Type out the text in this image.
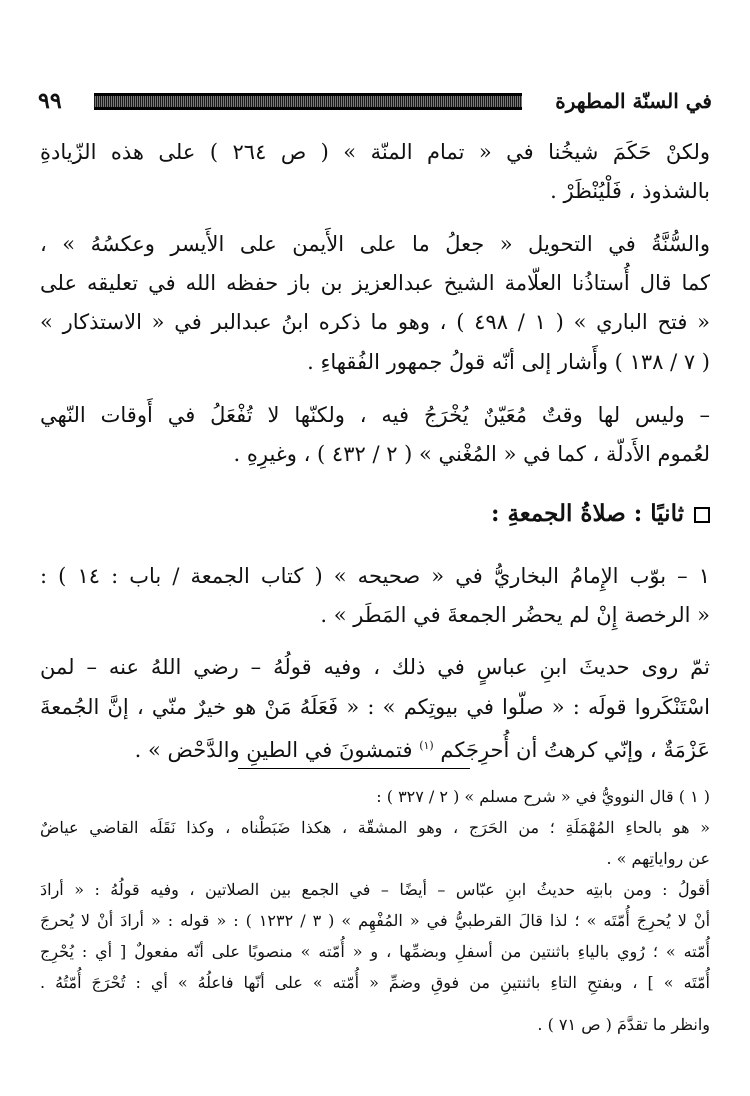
٩٩	في السنّة المطهرة
ولكنْ حَكَمَ شيخُنا في « تمام المنّة » ( ص ٢٦٤ ) على هذه الزّيادةِ
بالشذوذ ، فَلْيُنْظَرْ .
والسُّنَّةُ في التحويل « جعلُ ما على الأَيمن على الأَيسر وعكسُهُ » ،
كما قال أُستاذُنا العلّامة الشيخ عبدالعزيز بن باز حفظه الله في تعليقه على
« فتح الباري » ( ١ / ٤٩٨ ) ، وهو ما ذكره ابنُ عبدالبر في « الاستذكار »
( ٧ / ١٣٨ ) وأَشار إلى أنّه قولُ جمهور الفُقهاءِ .
– وليس لها وقتٌ مُعَيّنٌ يُخْرَجُ فيه ، ولكنّها لا تُفْعَلُ في أَوقات النّهي
لعُموم الأَدلّة ، كما في « المُغْني » ( ٢ / ٤٣٢ ) ، وغيرِهِ .
ثانيًا : صلاةُ الجمعةِ :
١ – بوّب الإِمامُ البخاريُّ في « صحيحه » ( كتاب الجمعة / باب : ١٤ ) :
« الرخصة إِنْ لم يحضُر الجمعةَ في المَطَر » .
ثمّ روى حديثَ ابنِ عباسٍ في ذلك ، وفيه قولُهُ – رضي اللهُ عنه – لمن
اسْتَنْكَروا قولَه : « صلّوا في بيوتِكم » : « فَعَلَهُ مَنْ هو خيرٌ منّي ، إنَّ الجُمعةَ
عَزْمَةٌ ، وإنّي كرهتُ أن أُحرِجَكم $^{(١)}$ فتمشونَ في الطينِ والدَّحْض » .
( ١ ) قال النوويُّ في « شرح مسلم » ( ٢ / ٣٢٧ ) :
« هو بالحاءِ المُهْمَلَةِ ؛ من الحَرَج ، وهو المشقّة ، هكذا ضَبَطْناه ، وكذا نَقَلَه القاضي عياضٌ
عن رواياتِهم » .
أقولُ : ومن بابتِه حديثُ ابنِ عبّاس – أيضًا – في الجمع بين الصلاتين ، وفيه قولُهُ : « أرادَ
أنْ لا يُحرِجَ أُمّتَه » ؛ لذا قالَ القرطبيُّ في « المُفْهِم » ( ٣ / ١٢٣٢ ) : « قوله : « أرادَ أنْ لا يُحرجَ
أُمّته » ؛ رُوي بالياءِ باثنتين من أسفلِ وبضمِّها ، و « أُمّته » منصوبًا على أنّه مفعولٌ [ أي : يُحْرِج
أُمّتَه » ] ، وبفتحِ التاءِ باثنتينِ من فوقِ وضمِّ « أُمّته » على أنّها فاعلُهُ » أي : تُحْرَجَ أُمّتُهُ .
وانظر ما تقدَّمَ ( ص ٧١ ) .
